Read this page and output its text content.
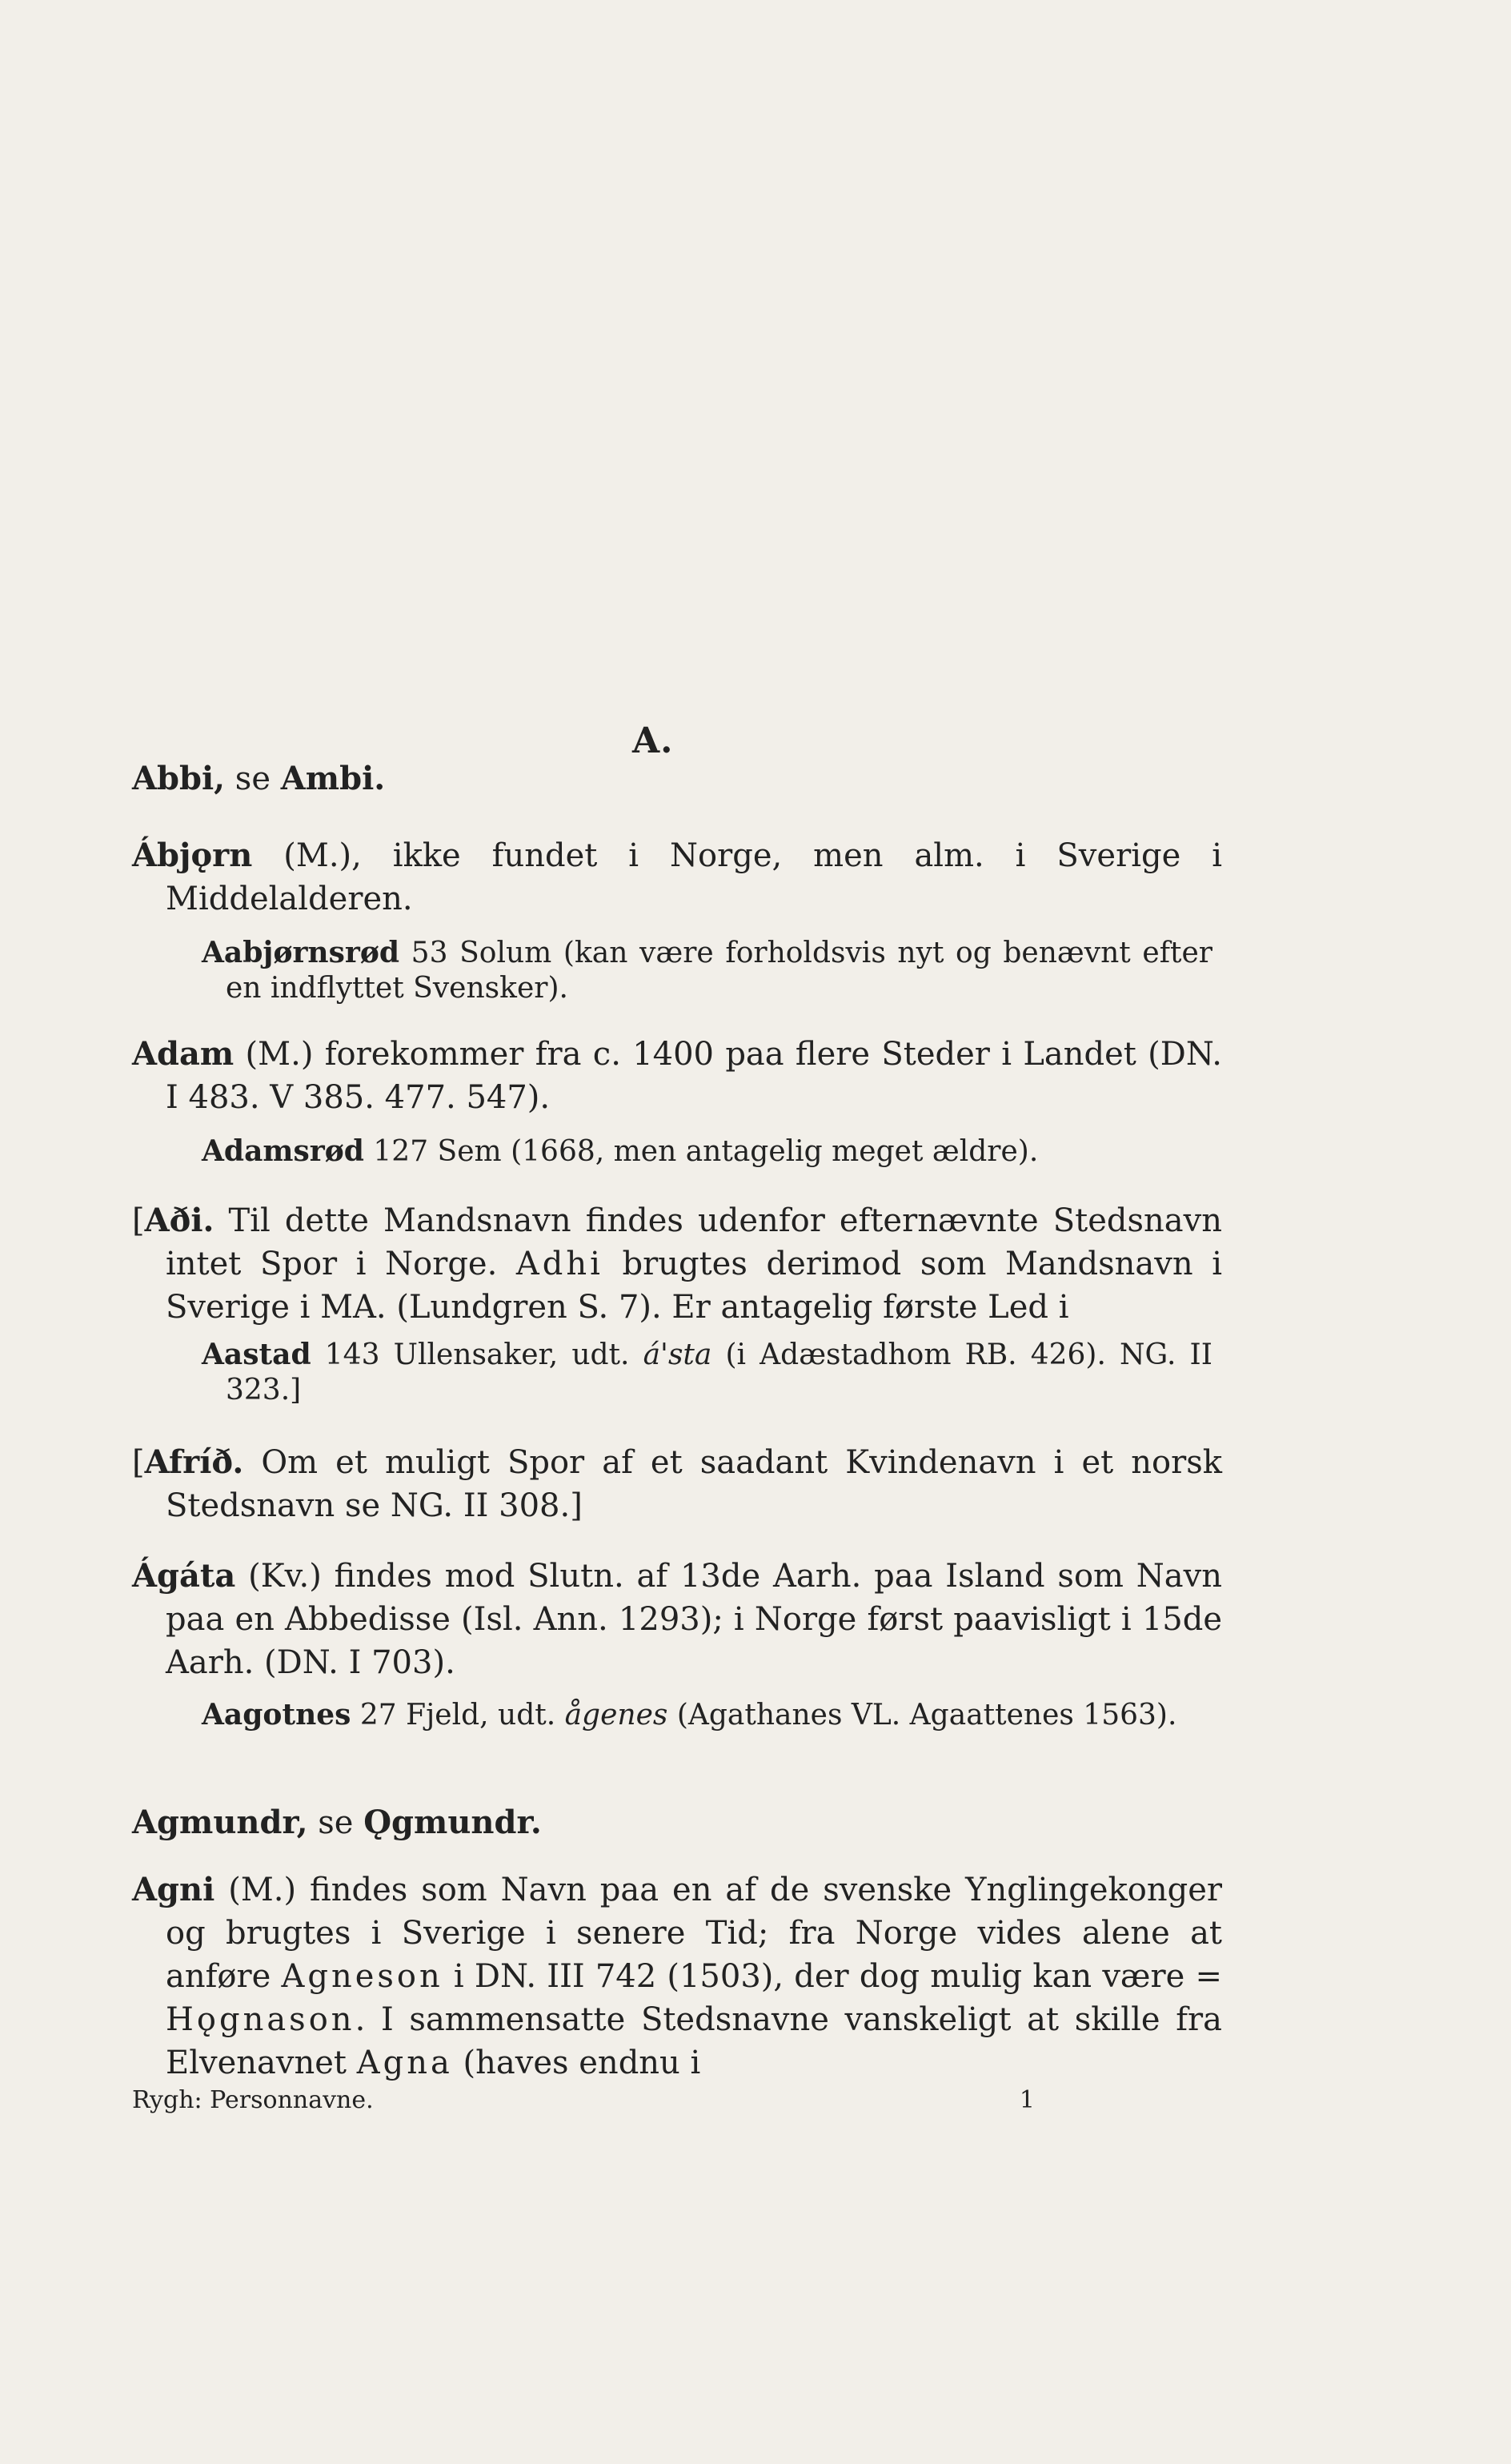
A.
Abbi, se Ambi.
Ábjǫrn (M.), ikke fundet i Norge, men alm. i Sverige i Middelalderen.
Aabjørnsrød 53 Solum (kan være forholdsvis nyt og benævnt efter en indflyttet Svensker).
Adam (M.) forekommer fra c. 1400 paa flere Steder i Landet (DN. I 483. V 385. 477. 547).
Adamsrød 127 Sem (1668, men antagelig meget ældre).
[Aði. Til dette Mandsnavn findes udenfor efternævnte Stedsnavn intet Spor i Norge. Adhi brugtes derimod som Mandsnavn i Sverige i MA. (Lundgren S. 7). Er antagelig første Led i
Aastad 143 Ullensaker, udt. á'sta (i Adæstadhom RB. 426). NG. II 323.]
[Afríð. Om et muligt Spor af et saadant Kvindenavn i et norsk Stedsnavn se NG. II 308.]
Ágáta (Kv.) findes mod Slutn. af 13de Aarh. paa Island som Navn paa en Abbedisse (Isl. Ann. 1293); i Norge først paavisligt i 15de Aarh. (DN. I 703).
Aagotnes 27 Fjeld, udt. ågenes (Agathanes VL. Agaattenes 1563).
Agmundr, se Ǫgmundr.
Agni (M.) findes som Navn paa en af de svenske Ynglingekonger og brugtes i Sverige i senere Tid; fra Norge vides alene at anføre Agneson i DN. III 742 (1503), der dog mulig kan være = Hǫgnason. I sammensatte Stedsnavne vanskeligt at skille fra Elvenavnet Agna (haves endnu i
Rygh: Personnavne.	1
